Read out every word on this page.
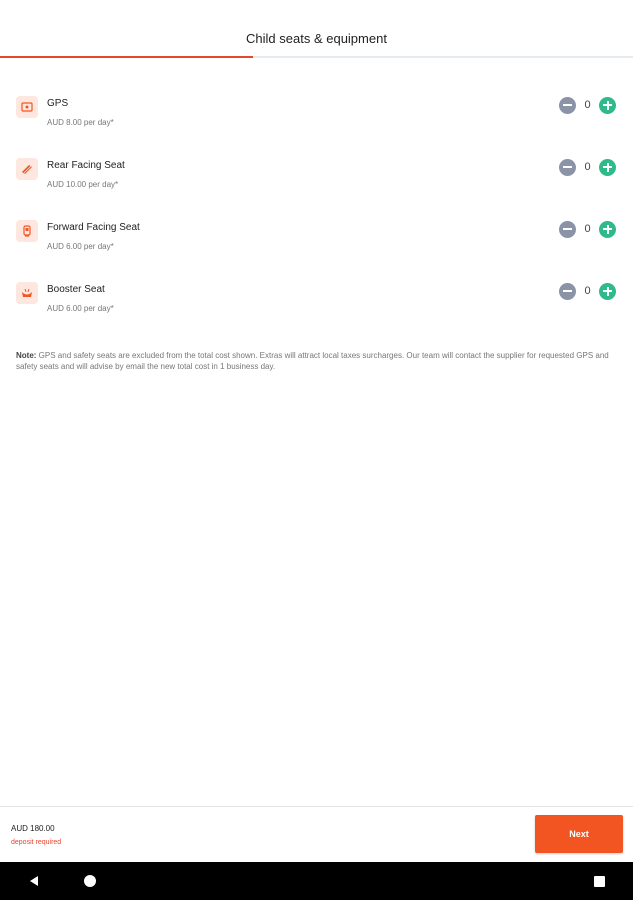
Child seats & equipment
GPS
AUD 8.00 per day*
0
Rear Facing Seat
AUD 10.00 per day*
0
Forward Facing Seat
AUD 6.00 per day*
0
Booster Seat
AUD 6.00 per day*
0
Note: GPS and safety seats are excluded from the total cost shown. Extras will attract local taxes surcharges. Our team will contact the supplier for requested GPS and safety seats and will advise by email the new total cost in 1 business day.
AUD 180.00
deposit required
Next
